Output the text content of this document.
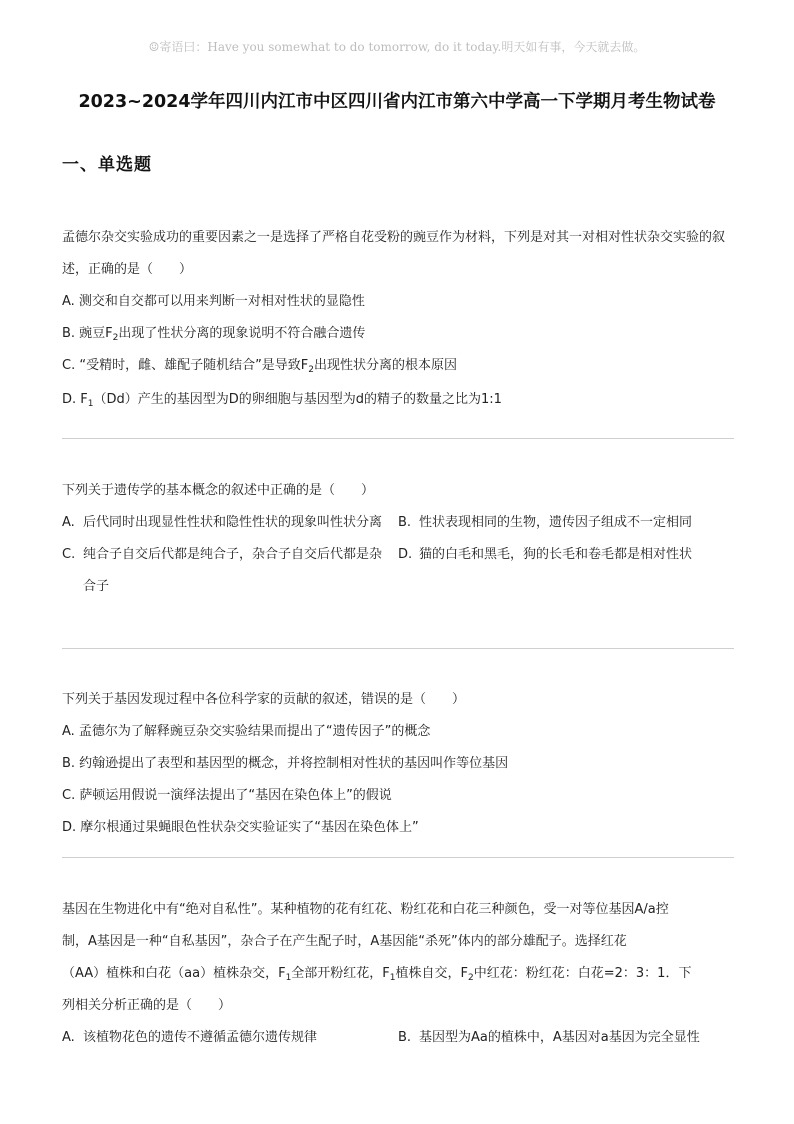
☺寄语曰：Have you somewhat to do tomorrow, do it today.明天如有事，今天就去做。
2023~2024学年四川内江市中区四川省内江市第六中学高一下学期月考生物试卷
一、单选题

孟德尔杂交实验成功的重要因素之一是选择了严格自花受粉的豌豆作为材料，下列是对其一对相对性状杂交实验的叙述，正确的是（　　）

A. 测交和自交都可以用来判断一对相对性状的显隐性

B. 豌豆$F_2$出现了性状分离的现象说明不符合融合遗传

C. “受精时，雌、雄配子随机结合”是导致$F_2$出现性状分离的根本原因

D. $F_1(Dd)$产生的基因型为D的卵细胞与基因型为d的精子的数量之比为1:1

下列关于遗传学的基本概念的叙述中正确的是（　　）

A. 后代同时出现显性性状和隐性性状的现象叫性状分离	B. 性状表现相同的生物，遗传因子组成不一定相同
C. 纯合子自交后代都是纯合子，杂合子自交后代都是杂合子
D. 猫的白毛和黑毛，狗的长毛和卷毛都是相对性状

下列关于基因发现过程中各位科学家的贡献的叙述，错误的是（　　）

A. 孟德尔为了解释豌豆杂交实验结果而提出了“遗传因子”的概念

B. 约翰逊提出了表型和基因型的概念，并将控制相对性状的基因叫作等位基因

C. 萨顿运用假说一演绎法提出了“基因在染色体上”的假说

D. 摩尔根通过果蝇眼色性状杂交实验证实了“基因在染色体上”

基因在生物进化中有“绝对自私性”。某种植物的花有红花、粉红花和白花三种颜色，受一对等位基因A/a控

制，A基因是一种“自私基因”，杂合子在产生配子时，A基因能“杀死”体内的部分雄配子。选择红花

（AA）植株和白花（aa）植株杂交，$F_1$全部开粉红花，$F_1$植株自交，$F_2$中红花：粉红花：白花=2：3：1．下

列相关分析正确的是（　　）

A. 该植物花色的遗传不遵循孟德尔遗传规律	B. 基因型为Aa的植株中，A基因对a基因为完全显性
